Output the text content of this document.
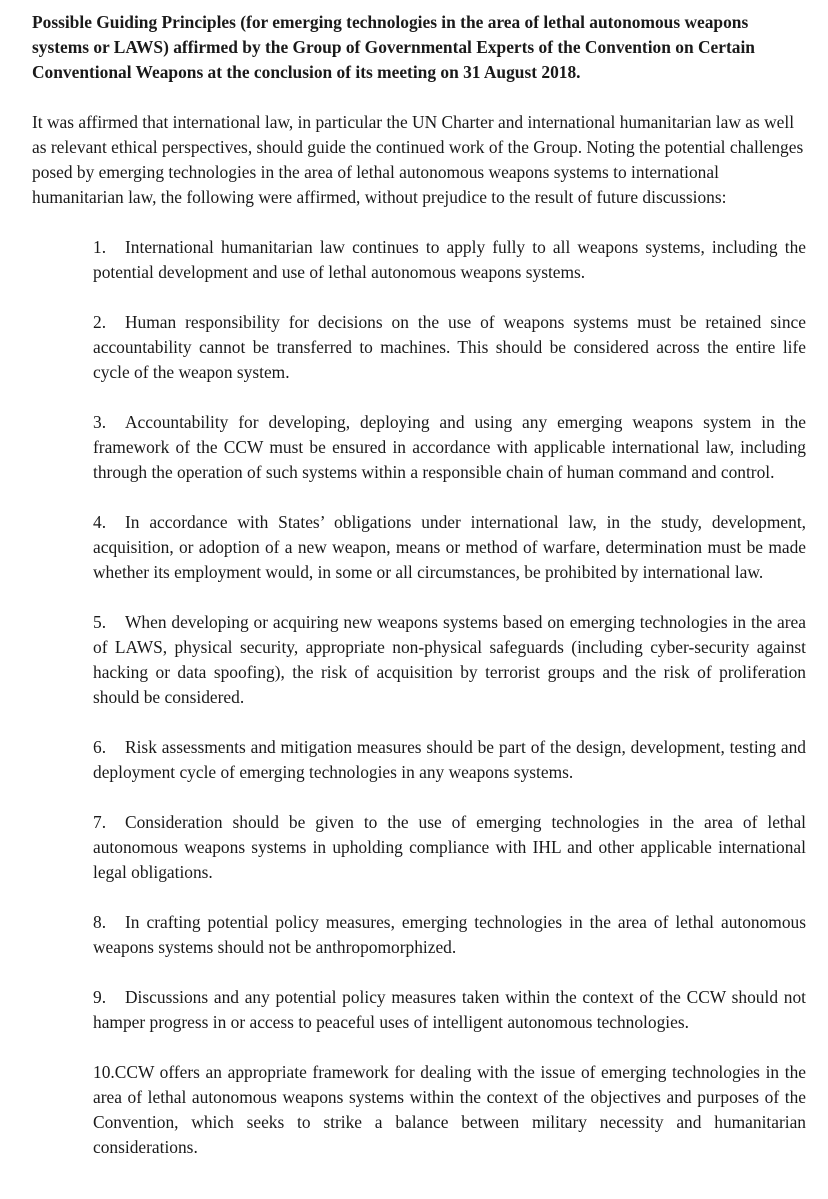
Possible Guiding Principles (for emerging technologies in the area of lethal autonomous weapons systems or LAWS) affirmed by the Group of Governmental Experts of the Convention on Certain Conventional Weapons at the conclusion of its meeting on 31 August 2018.

It was affirmed that international law, in particular the UN Charter and international humanitarian law as well as relevant ethical perspectives, should guide the continued work of the Group. Noting the potential challenges posed by emerging technologies in the area of lethal autonomous weapons systems to international humanitarian law, the following were affirmed, without prejudice to the result of future discussions:

1. International humanitarian law continues to apply fully to all weapons systems, including the potential development and use of lethal autonomous weapons systems.
2. Human responsibility for decisions on the use of weapons systems must be retained since accountability cannot be transferred to machines. This should be considered across the entire life cycle of the weapon system.
3. Accountability for developing, deploying and using any emerging weapons system in the framework of the CCW must be ensured in accordance with applicable international law, including through the operation of such systems within a responsible chain of human command and control.
4. In accordance with States’ obligations under international law, in the study, development, acquisition, or adoption of a new weapon, means or method of warfare, determination must be made whether its employment would, in some or all circumstances, be prohibited by international law.
5. When developing or acquiring new weapons systems based on emerging technologies in the area of LAWS, physical security, appropriate non-physical safeguards (including cyber-security against hacking or data spoofing), the risk of acquisition by terrorist groups and the risk of proliferation should be considered.
6. Risk assessments and mitigation measures should be part of the design, development, testing and deployment cycle of emerging technologies in any weapons systems.
7. Consideration should be given to the use of emerging technologies in the area of lethal autonomous weapons systems in upholding compliance with IHL and other applicable international legal obligations.
8. In crafting potential policy measures, emerging technologies in the area of lethal autonomous weapons systems should not be anthropomorphized.
9. Discussions and any potential policy measures taken within the context of the CCW should not hamper progress in or access to peaceful uses of intelligent autonomous technologies.
10.CCW offers an appropriate framework for dealing with the issue of emerging technologies in the area of lethal autonomous weapons systems within the context of the objectives and purposes of the Convention, which seeks to strike a balance between military necessity and humanitarian considerations.
